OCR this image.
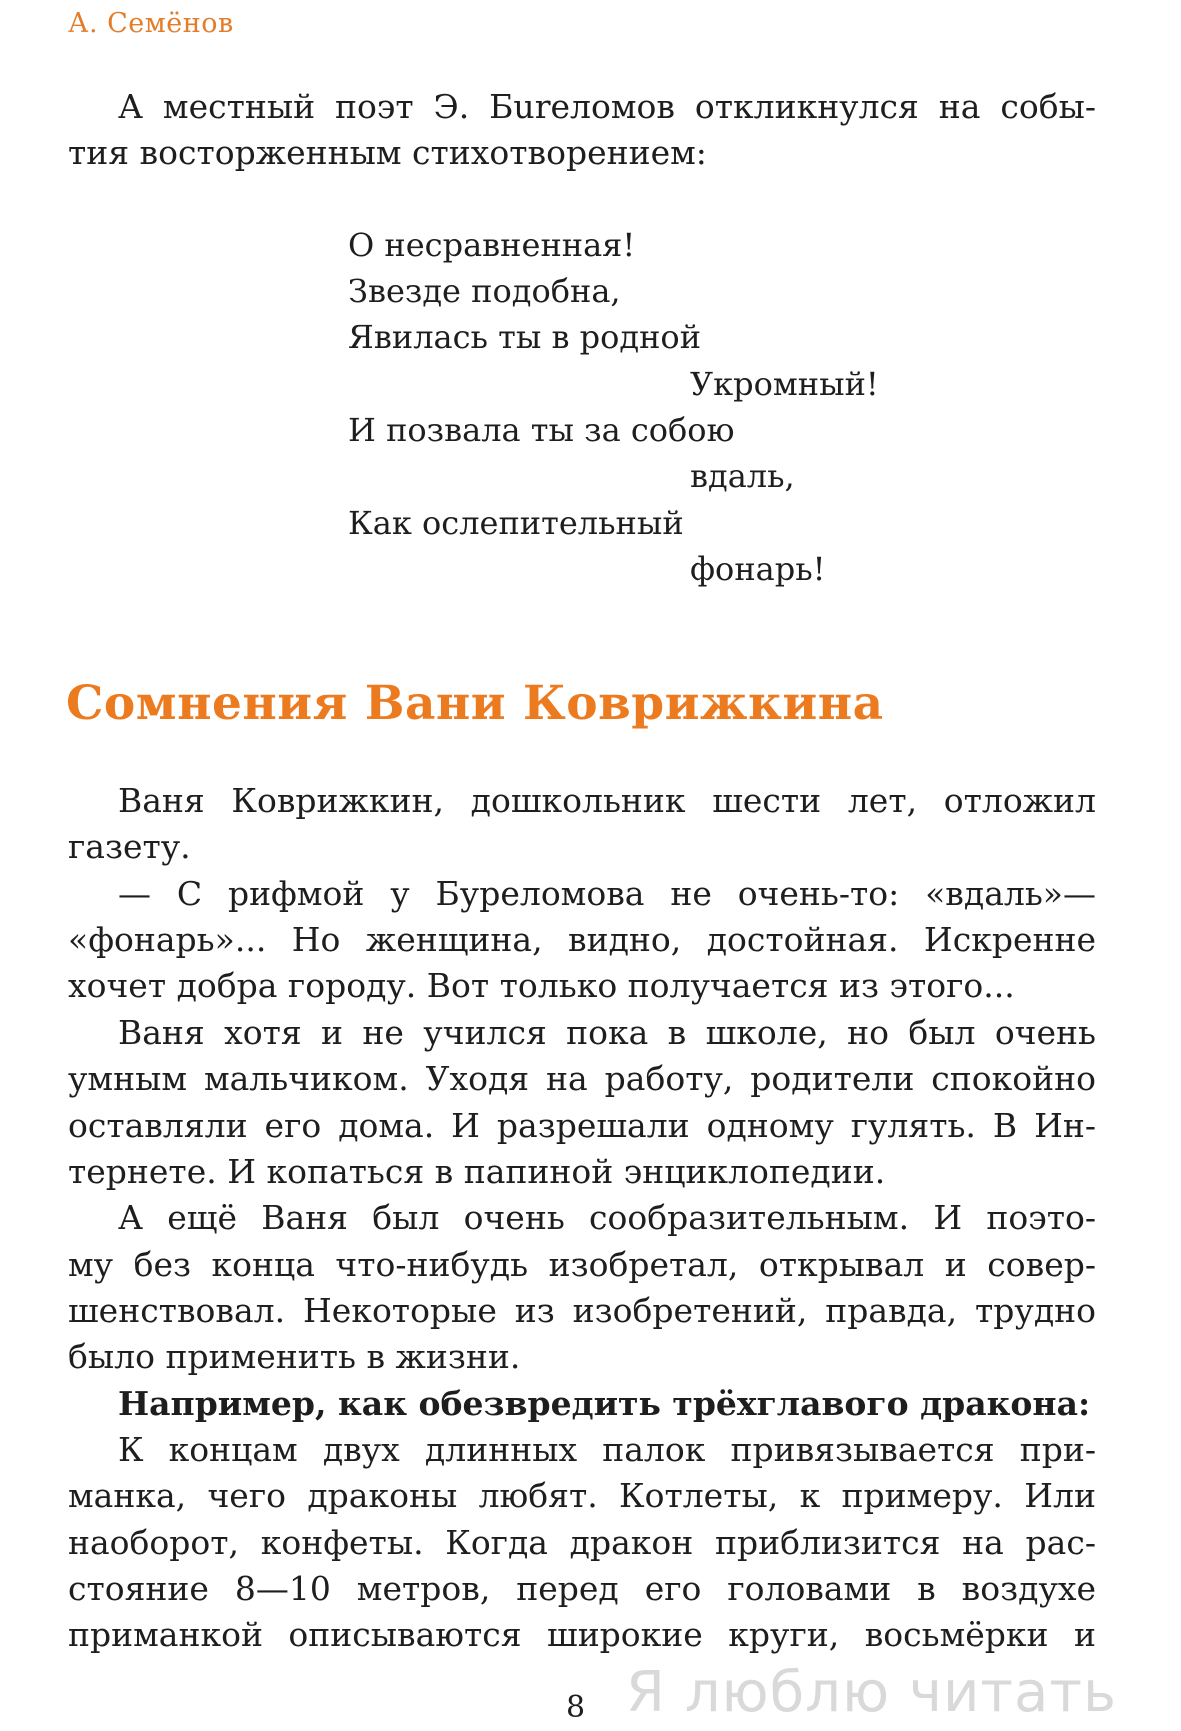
А. Семёнов
А местный поэт Э. Бureломов откликнулся на собы-
тия восторженным стихотворением:
О несравненная!
Звезде подобна,
Явилась ты в родной
Укромный!
И позвала ты за собою
вдаль,
Как ослепительный
фонарь!
Сомнения Вани Коврижкина
Ваня Коврижкин, дошкольник шести лет, отложил
газету.
— С рифмой у Буреломова не очень-то: «вдаль»—
«фонарь»... Но женщина, видно, достойная. Искренне
хочет добра городу. Вот только получается из этого...
Ваня хотя и не учился пока в школе, но был очень
умным мальчиком. Уходя на работу, родители спокойно
оставляли его дома. И разрешали одному гулять. В Ин-
тернете. И копаться в папиной энциклопедии.
А ещё Ваня был очень сообразительным. И поэто-
му без конца что-нибудь изобретал, открывал и совер-
шенствовал. Некоторые из изобретений, правда, трудно
было применить в жизни.
Например, как обезвредить трёхглавого дракона:
К концам двух длинных палок привязывается при-
манка, чего драконы любят. Котлеты, к примеру. Или
наоборот, конфеты. Когда дракон приблизится на рас-
стояние 8—10 метров, перед его головами в воздухе
приманкой описываются широкие круги, восьмёрки и
Я люблю читать
8
